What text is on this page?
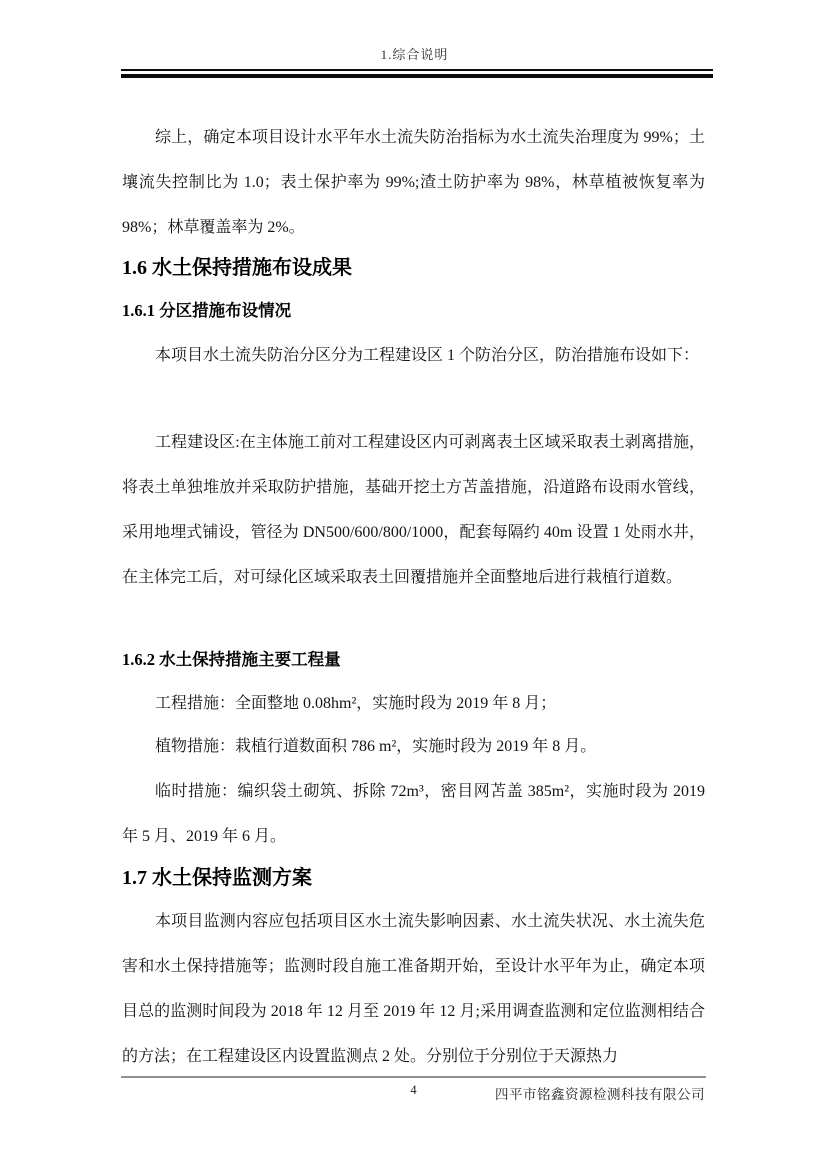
1.综合说明

综上，确定本项目设计水平年水土流失防治指标为水土流失治理度为 99%；土壤流失控制比为 1.0；表土保护率为 99%;渣土防护率为 98%，林草植被恢复率为 98%；林草覆盖率为 2%。

1.6 水土保持措施布设成果
1.6.1 分区措施布设情况

本项目水土流失防治分区分为工程建设区 1 个防治分区，防治措施布设如下：

工程建设区:在主体施工前对工程建设区内可剥离表土区域采取表土剥离措施，将表土单独堆放并采取防护措施，基础开挖土方苫盖措施，沿道路布设雨水管线，采用地埋式铺设，管径为 DN500/600/800/1000，配套每隔约 40m 设置 1 处雨水井，在主体完工后，对可绿化区域采取表土回覆措施并全面整地后进行栽植行道数。

1.6.2 水土保持措施主要工程量

工程措施：全面整地 0.08hm²，实施时段为 2019 年 8 月；

植物措施：栽植行道数面积 786 m²，实施时段为 2019 年 8 月。

临时措施：编织袋土砌筑、拆除 72m³，密目网苫盖 385m²，实施时段为 2019 年 5 月、2019 年 6 月。

1.7 水土保持监测方案

本项目监测内容应包括项目区水土流失影响因素、水土流失状况、水土流失危害和水土保持措施等；监测时段自施工准备期开始，至设计水平年为止，确定本项目总的监测时间段为 2018 年 12 月至 2019 年 12 月;采用调查监测和定位监测相结合的方法；在工程建设区内设置监测点 2 处。分别位于分别位于天源热力

4	四平市铭鑫资源检测科技有限公司
